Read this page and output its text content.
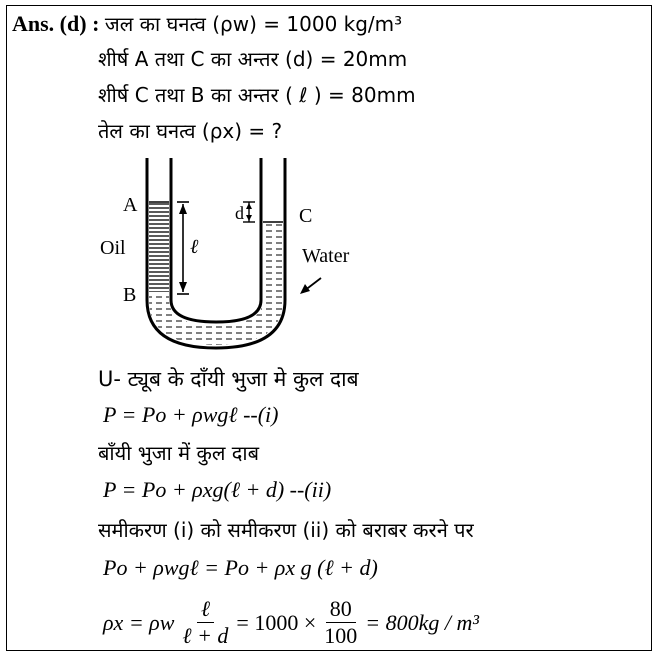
Ans. (d) : जल का घनत्व (ρw) = 1000 kg/m³
शीर्ष A तथा C का अन्तर (d) = 20mm
शीर्ष C तथा B का अन्तर ( ℓ ) = 80mm
तेल का घनत्व (ρx) = ?
A
B
C
d
ℓ
Oil	Water
U- ट्यूब के दाँयी भुजा मे कुल दाब
P = Po + ρwgℓ --(i)
बाँयी भुजा में कुल दाब
P = Po + ρxg(ℓ + d) --(ii)
समीकरण (i) को समीकरण (ii) को बराबर करने पर
Po + ρwgℓ = Po + ρx g (ℓ + d)
ρx = ρw $\frac{\text{ℓ}}{\text{ℓ + d}} = 1000 \times \frac{80}{100} = 800kg / m^3$
